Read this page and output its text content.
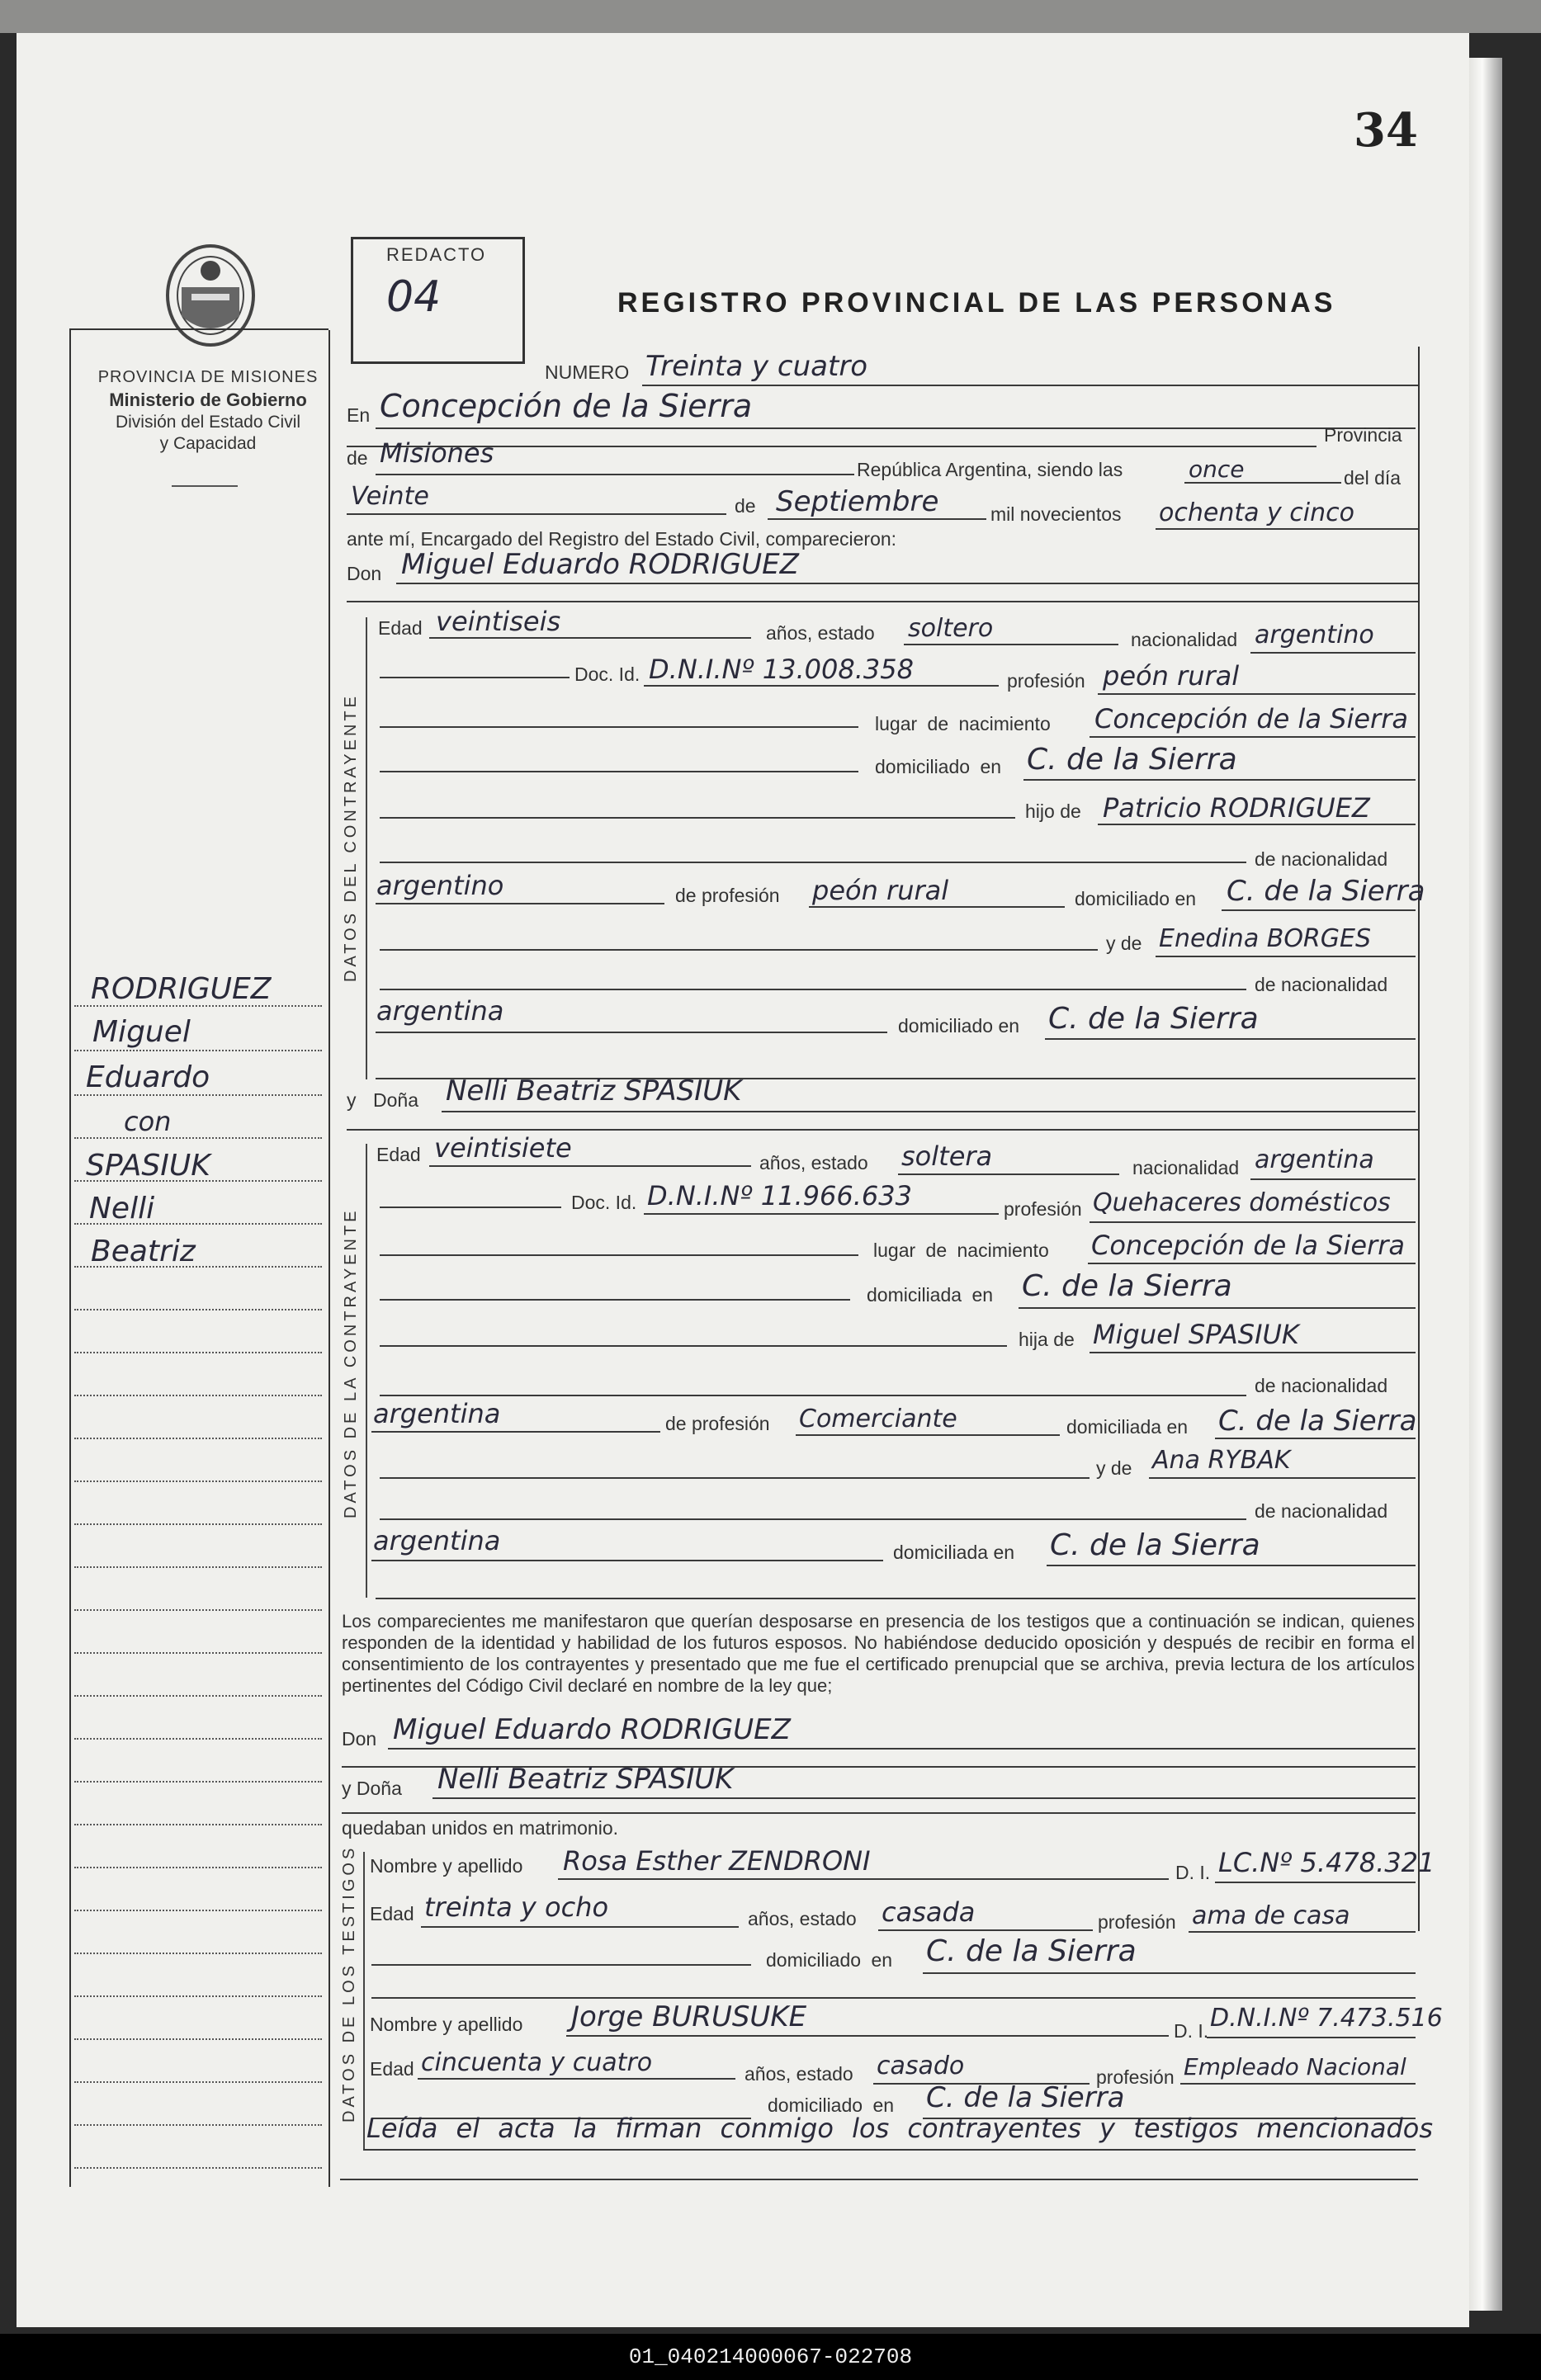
34
PROVINCIA DE MISIONES
Ministerio de Gobierno
División del Estado Civil
y Capacidad
REDACTO
04	REGISTRO PROVINCIAL DE LAS PERSONAS
RODRIGUEZ
Miguel
Eduardo
con
SPASIUK
Nelli
Beatriz
NUMERO Treinta y cuatro
En Concepción de la Sierra
Provincia
de Misiones
República Argentina, siendo las	once	del día
Veinte	de Septiembre	mil novecientos ochenta y cinco
ante mí, Encargado del Registro del Estado Civil, comparecieron:
Don Miguel Eduardo RODRIGUEZ
DATOS DEL CONTRAYENTE
Edad veintiseis	años, estado soltero	nacionalidad argentino
Doc. Id. D.N.I.Nº 13.008.358	profesión peón rural
lugar de nacimiento Concepción de la Sierra
domiciliado en C. de la Sierra
hijo de Patricio RODRIGUEZ
de nacionalidad
argentino	de profesión peón rural	domiciliado en C. de la Sierra
y de Enedina BORGES
de nacionalidad
argentina	domiciliado en C. de la Sierra
y Doña Nelli Beatriz SPASIUK
DATOS DE LA CONTRAYENTE
Edad veintisiete	años, estado soltera	nacionalidad argentina
Doc. Id. D.N.I.Nº 11.966.633	profesión Quehaceres domésticos
lugar de nacimiento Concepción de la Sierra
domiciliada en C. de la Sierra
hija de Miguel SPASIUK
de nacionalidad
argentina	de profesión Comerciante	domiciliada en C. de la Sierra
y de Ana RYBAK
de nacionalidad
argentina	domiciliada en C. de la Sierra
Los comparecientes me manifestaron que querían desposarse en presencia de los testigos que a continuación se indican, quienes responden de la identidad y habilidad de los futuros esposos. No habiéndose deducido oposición y después de recibir en forma el consentimiento de los contrayentes y presentado que me fue el certificado prenupcial que se archiva, previa lectura de los artículos pertinentes del Código Civil declaré en nombre de la ley que;
Don Miguel Eduardo RODRIGUEZ
y Doña Nelli Beatriz SPASIUK
quedaban unidos en matrimonio.
DATOS DE LOS TESTIGOS Nombre y apellido Rosa Esther ZENDRONI	D. I. LC.Nº 5.478.321
Edad treinta y ocho	años, estado casada	profesión ama de casa
domiciliado en C. de la Sierra
Nombre y apellido Jorge BURUSUKE	D. I. D.N.I.Nº 7.473.516
Edad cincuenta y cuatro	años, estado casado	profesión Empleado Nacional
domiciliado en C. de la Sierra
Leída el acta la firman conmigo los contrayentes y testigos mencionados
01_040214000067-022708
